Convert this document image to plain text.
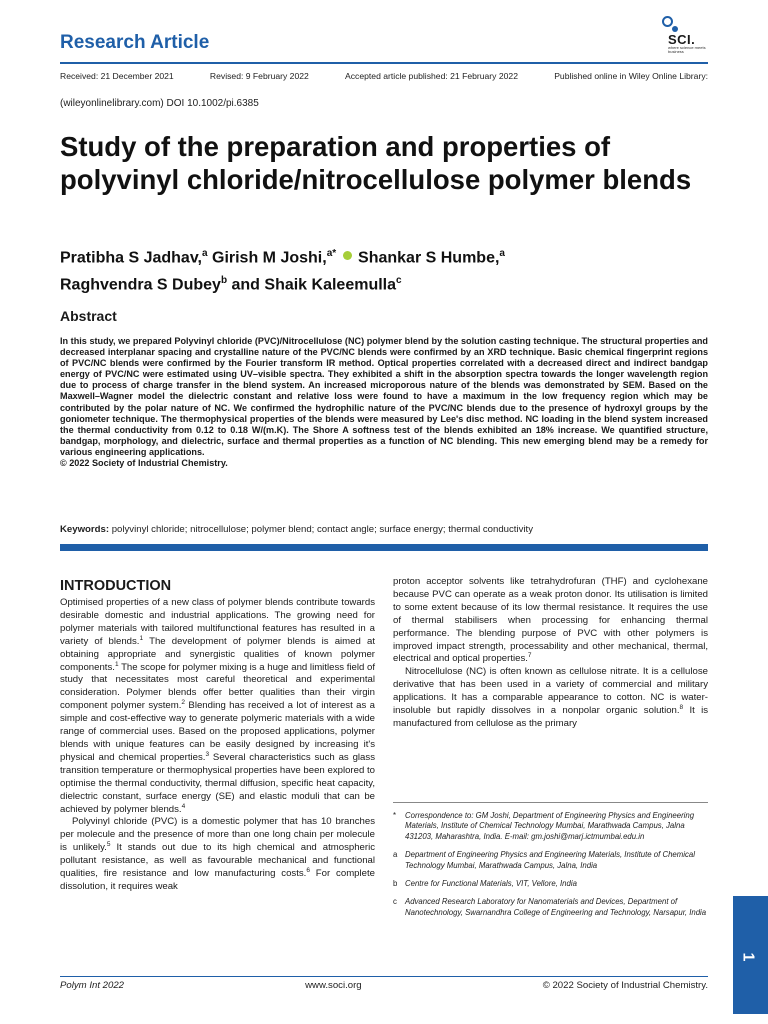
Research Article	SCI.
where science meets business
Received: 21 December 2021	Revised: 9 February 2022	Accepted article published: 21 February 2022	Published online in Wiley Online Library:
(wileyonlinelibrary.com) DOI 10.1002/pi.6385
Study of the preparation and properties of polyvinyl chloride/nitrocellulose polymer blends
Pratibha S Jadhav,$^a$ Girish M Joshi,$^{a*}$  Shankar S Humbe,$^a$
Raghvendra S Dubey$^b$ and Shaik Kaleemulla$^c$
Abstract
In this study, we prepared Polyvinyl chloride (PVC)/Nitrocellulose (NC) polymer blend by the solution casting technique. The structural properties and decreased interplanar spacing and crystalline nature of the PVC/NC blends were confirmed by an XRD technique. Basic chemical fingerprint regions of PVC/NC blends were confirmed by the Fourier transform IR method. Optical properties correlated with a decreased direct and indirect bandgap energy of PVC/NC were estimated using UV–visible spectra. They exhibited a shift in the absorption spectra towards the longer wavelength region due to process of charge transfer in the blend system. An increased microporous nature of the blends was demonstrated by SEM. Based on the Maxwell–Wagner model the dielectric constant and relative loss were found to have a maximum in the low frequency region which may be contributed by the polar nature of NC. We confirmed the hydrophilic nature of the PVC/NC blends due to the presence of hydroxyl groups by the goniometer technique. The thermophysical properties of the blends were measured by Lee's disc method. NC loading in the blend system increased the thermal conductivity from 0.12 to 0.18 W/(m.K). The Shore A softness test of the blends exhibited an 18% increase. We quantified structure, bandgap, morphology, and dielectric, surface and thermal properties as a function of NC blending. This new emerging blend may be a remedy for various engineering applications.
© 2022 Society of Industrial Chemistry.
Keywords: polyvinyl chloride; nitrocellulose; polymer blend; contact angle; surface energy; thermal conductivity
INTRODUCTION

Optimised properties of a new class of polymer blends contribute towards desirable domestic and industrial applications. The growing need for polymer materials with tailored multifunctional features has resulted in a variety of blends.$^1$ The development of polymer blends is aimed at obtaining appropriate and synergistic qualities of known polymer components.$^1$ The scope for polymer mixing is a huge and limitless field of study that necessitates most careful theoretical and experimental consideration. Polymer blends offer better qualities than their virgin component polymer system.$^2$ Blending has received a lot of interest as a simple and cost-effective way to generate polymeric materials with a wide range of commercial uses. Based on the proposed applications, polymer blends with unique features can be easily designed by increasing it's physical and chemical properties.$^3$ Several characteristics such as glass transition temperature or thermophysical properties have been explored to optimise the thermal conductivity, thermal diffusion, specific heat capacity, dielectric constant, surface energy (SE) and elastic moduli that can be achieved by polymer blends.$^4$

Polyvinyl chloride (PVC) is a domestic polymer that has 10 branches per molecule and the presence of more than one long chain per molecule is unlikely.$^5$ It stands out due to its high chemical and atmospheric pollutant resistance, as well as favourable mechanical and functional qualities, fire resistance and low manufacturing costs.$^6$ For complete dissolution, it requires weak

proton acceptor solvents like tetrahydrofuran (THF) and cyclohexane because PVC can operate as a weak proton donor. Its utilisation is limited to some extent because of its low thermal resistance. It requires the use of thermal stabilisers when processing for enhancing thermal performance. The blending purpose of PVC with other polymers is improved impact strength, processability and other mechanical, thermal, electrical and optical properties.$^7$

Nitrocellulose (NC) is often known as cellulose nitrate. It is a cellulose derivative that has been used in a variety of commercial and military applications. It has a comparable appearance to cotton. NC is water-insoluble but rapidly dissolves in a nonpolar organic solution.$^8$ It is manufactured from cellulose as the primary

*	Correspondence to: GM Joshi, Department of Engineering Physics and Engineering Materials, Institute of Chemical Technology Mumbai, Marathwada Campus, Jalna 431203, Maharashtra, India. E-mail: gm.joshi@marj.ictmumbai.edu.in
a Department of Engineering Physics and Engineering Materials, Institute of Chemical Technology Mumbai, Marathwada Campus, Jalna, India
b Centre for Functional Materials, VIT, Vellore, India
c	Advanced Research Laboratory for Nanomaterials and Devices, Department of Nanotechnology, Swarnandhra College of Engineering and Technology, Narsapur, India
Polym Int 2022	www.soci.org	© 2022 Society of Industrial Chemistry.
1
